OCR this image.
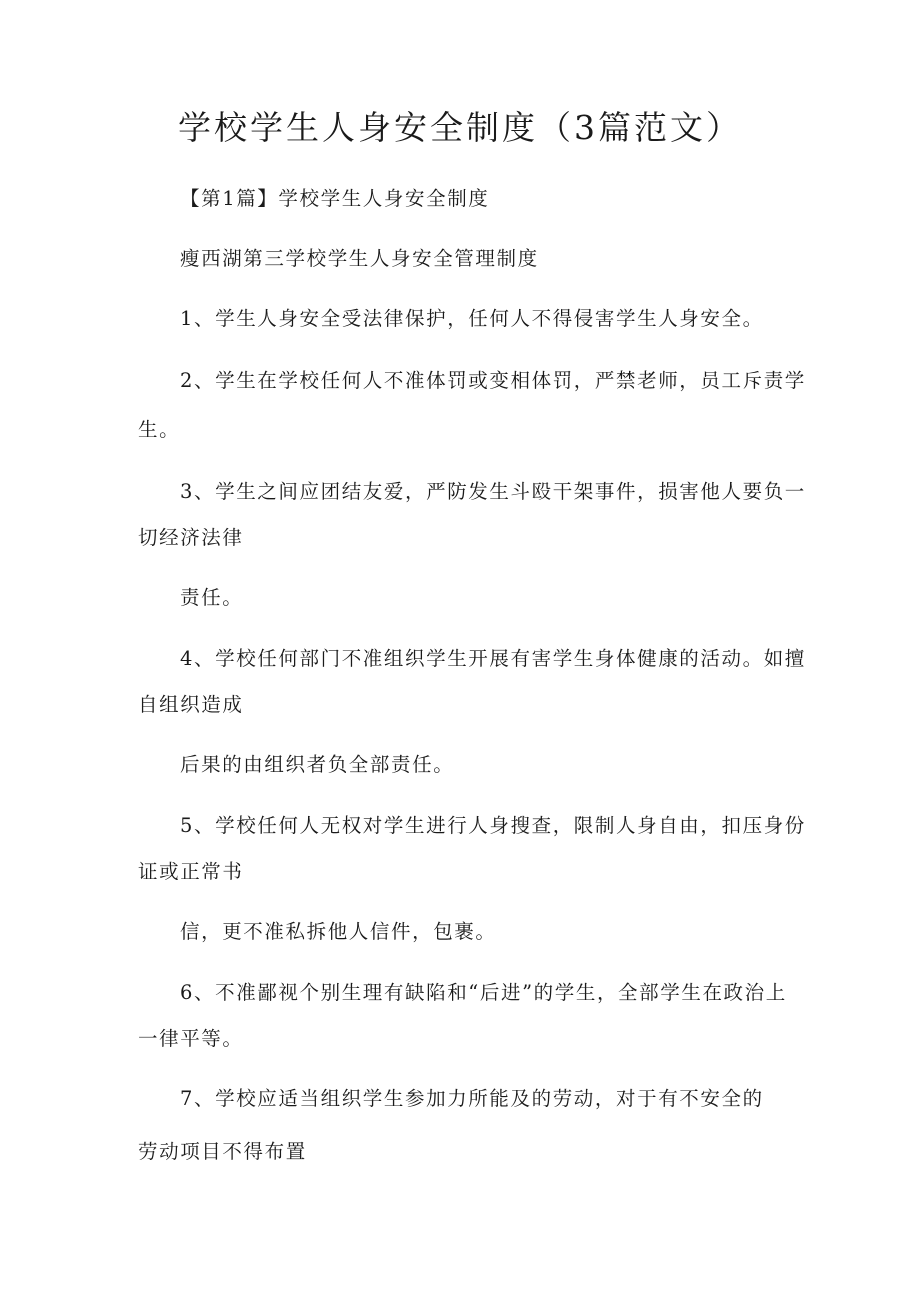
学校学生人身安全制度（3篇范文）

【第1篇】学校学生人身安全制度

瘦西湖第三学校学生人身安全管理制度

1、学生人身安全受法律保护，任何人不得侵害学生人身安全。

2、学生在学校任何人不准体罚或变相体罚，严禁老师，员工斥责学

生。

3、学生之间应团结友爱，严防发生斗殴干架事件，损害他人要负一

切经济法律

责任。

4、学校任何部门不准组织学生开展有害学生身体健康的活动。如擅

自组织造成

后果的由组织者负全部责任。

5、学校任何人无权对学生进行人身搜查，限制人身自由，扣压身份

证或正常书

信，更不准私拆他人信件，包裹。

6、不准鄙视个别生理有缺陷和“后进”的学生，全部学生在政治上

一律平等。

7、学校应适当组织学生参加力所能及的劳动，对于有不安全的

劳动项目不得布置
